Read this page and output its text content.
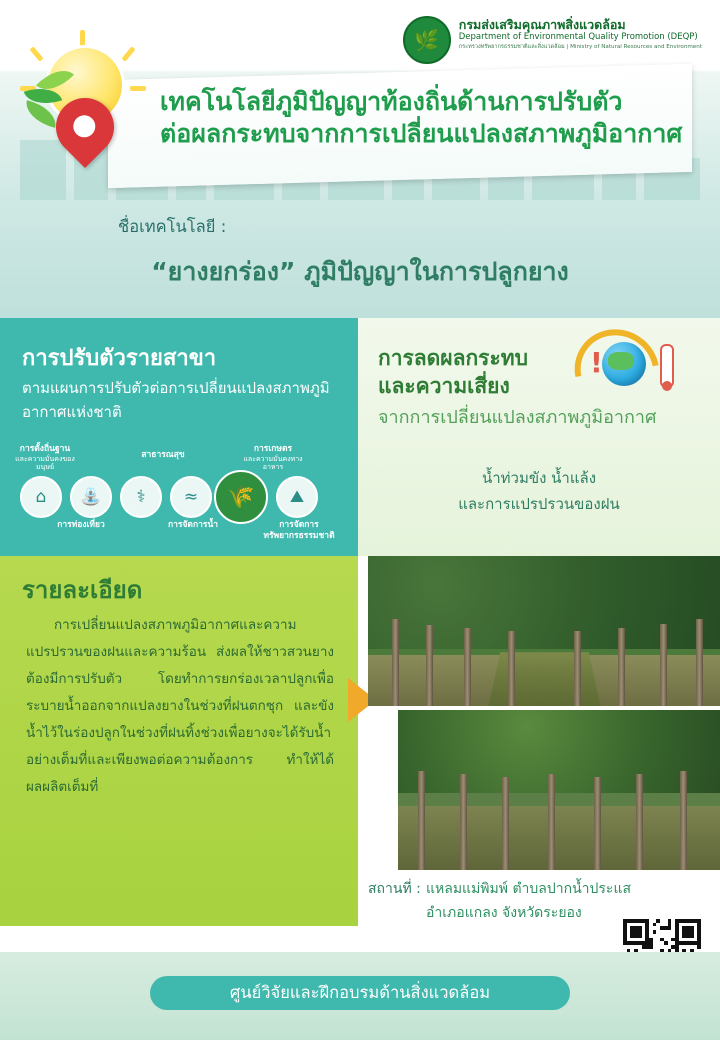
🌿
กรมส่งเสริมคุณภาพสิ่งแวดล้อม
Department of Environmental Quality Promotion (DEQP)
กระทรวงทรัพยากรธรรมชาติและสิ่งแวดล้อม | Ministry of Natural Resources and Environment
เทคโนโลยีภูมิปัญญาท้องถิ่นด้านการปรับตัว
ต่อผลกระทบจากการเปลี่ยนแปลงสภาพภูมิอากาศ
ชื่อเทคโนโลยี :
“ยางยกร่อง” ภูมิปัญญาในการปลูกยาง
การปรับตัวรายสาขา
ตามแผนการปรับตัวต่อการเปลี่ยนแปลงสภาพภูมิอากาศแห่งชาติ
การตั้งถิ่นฐาน
และความมั่นคงของมนุษย์
สาธารณสุข
การเกษตร
และความมั่นคงทางอาหาร
⌂	⛲	⚕	≈	🌾	⛰
การท่องเที่ยว	การจัดการน้ำ	การจัดการ
ทรัพยากรธรรมชาติ
!
การลดผลกระทบ
และความเสี่ยง
จากการเปลี่ยนแปลงสภาพภูมิอากาศ
น้ำท่วมขัง น้ำแล้ง
และการแปรปรวนของฝน
รายละเอียด
การเปลี่ยนแปลงสภาพภูมิอากาศและความแปรปรวนของฝนและความร้อน ส่งผลให้ชาวสวนยางต้องมีการปรับตัว โดยทำการยกร่องเวลาปลูกเพื่อระบายน้ำออกจากแปลงยางในช่วงที่ฝนตกชุก และขังน้ำไว้ในร่องปลูกในช่วงที่ฝนทิ้งช่วงเพื่อยางจะได้รับน้ำอย่างเต็มที่และเพียงพอต่อความต้องการ ทำให้ได้ผลผลิตเต็มที่
สถานที่ : แหลมแม่พิมพ์ ตำบลปากน้ำประแส
อำเภอแกลง จังหวัดระยอง
ศูนย์วิจัยและฝึกอบรมด้านสิ่งแวดล้อม
